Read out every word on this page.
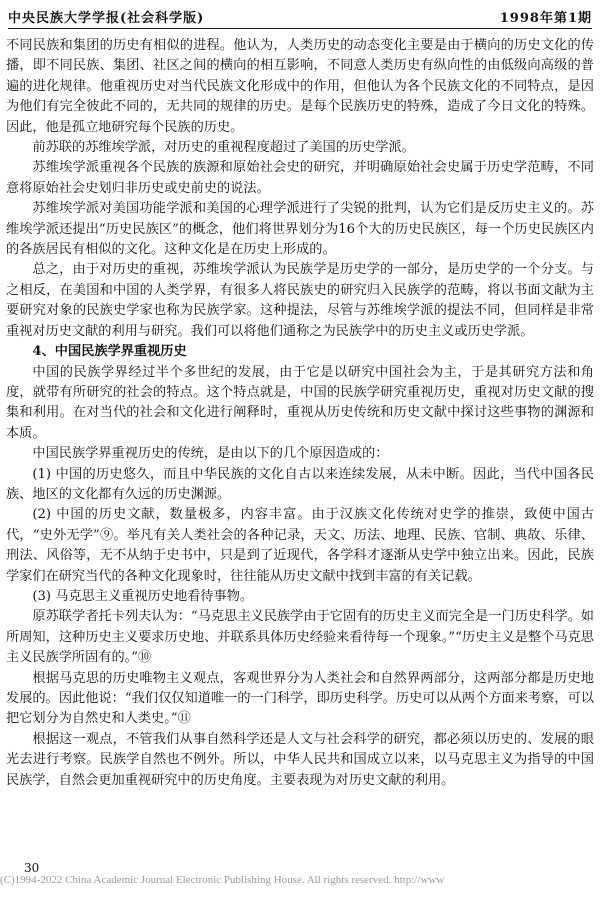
中央民族大学学报(社会科学版)	1998年第1期

不同民族和集团的历史有相似的进程。他认为，人类历史的动态变化主要是由于横向的历史文化的传播，即不同民族、集团、社区之间的横向的相互影响，不同意人类历史有纵向性的由低级向高级的普遍的进化规律。他重视历史对当代民族文化形成中的作用，但他认为各个民族文化的不同特点，是因为他们有完全彼此不同的，无共同的规律的历史。是每个民族历史的特殊，造成了今日文化的特殊。因此，他是孤立地研究每个民族的历史。

前苏联的苏维埃学派，对历史的重视程度超过了美国的历史学派。

苏维埃学派重视各个民族的族源和原始社会史的研究，并明确原始社会史属于历史学范畴，不同意将原始社会史划归非历史或史前史的说法。

苏维埃学派对美国功能学派和美国的心理学派进行了尖锐的批判，认为它们是反历史主义的。苏维埃学派还提出“历史民族区”的概念，他们将世界划分为16个大的历史民族区，每一个历史民族区内的各族居民有相似的文化。这种文化是在历史上形成的。

总之，由于对历史的重视，苏维埃学派认为民族学是历史学的一部分，是历史学的一个分支。与之相反，在美国和中国的人类学界，有很多人将民族史的研究归入民族学的范畴，将以书面文献为主要研究对象的民族史学家也称为民族学家。这种提法，尽管与苏维埃学派的提法不同，但同样是非常重视对历史文献的利用与研究。我们可以将他们通称之为民族学中的历史主义或历史学派。

4、中国民族学界重视历史

中国的民族学界经过半个多世纪的发展，由于它是以研究中国社会为主，于是其研究方法和角度，就带有所研究的社会的特点。这个特点就是，中国的民族学研究重视历史，重视对历史文献的搜集和利用。在对当代的社会和文化进行阐释时，重视从历史传统和历史文献中探讨这些事物的渊源和本质。

中国民族学界重视历史的传统，是由以下的几个原因造成的：

(1) 中国的历史悠久，而且中华民族的文化自古以来连续发展，从未中断。因此，当代中国各民族、地区的文化都有久远的历史渊源。

(2) 中国的历史文献，数量极多，内容丰富。由于汉族文化传统对史学的推崇，致使中国古代，“史外无学”⑨。举凡有关人类社会的各种记录，天文、历法、地理、民族、官制、典故、乐律、刑法、风俗等，无不从纳于史书中，只是到了近现代，各学科才逐渐从史学中独立出来。因此，民族学家们在研究当代的各种文化现象时，往往能从历史文献中找到丰富的有关记载。

(3) 马克思主义重视历史地看待事物。

原苏联学者托卡列夫认为：“马克思主义民族学由于它固有的历史主义而完全是一门历史科学。如所周知，这种历史主义要求历史地、并联系具体历史经验来看待每一个现象。”“历史主义是整个马克思主义民族学所固有的。”⑩

根据马克思的历史唯物主义观点，客观世界分为人类社会和自然界两部分，这两部分都是历史地发展的。因此他说：“我们仅仅知道唯一的一门科学，即历史科学。历史可以从两个方面来考察，可以把它划分为自然史和人类史。”⑪

根据这一观点，不管我们从事自然科学还是人文与社会科学的研究，都必须以历史的、发展的眼光去进行考察。民族学自然也不例外。所以，中华人民共和国成立以来，以马克思主义为指导的中国民族学，自然会更加重视研究中的历史角度。主要表现为对历史文献的利用。

30
(C)1994-2022 China Academic Journal Electronic Publishing House. All rights reserved. http://www
